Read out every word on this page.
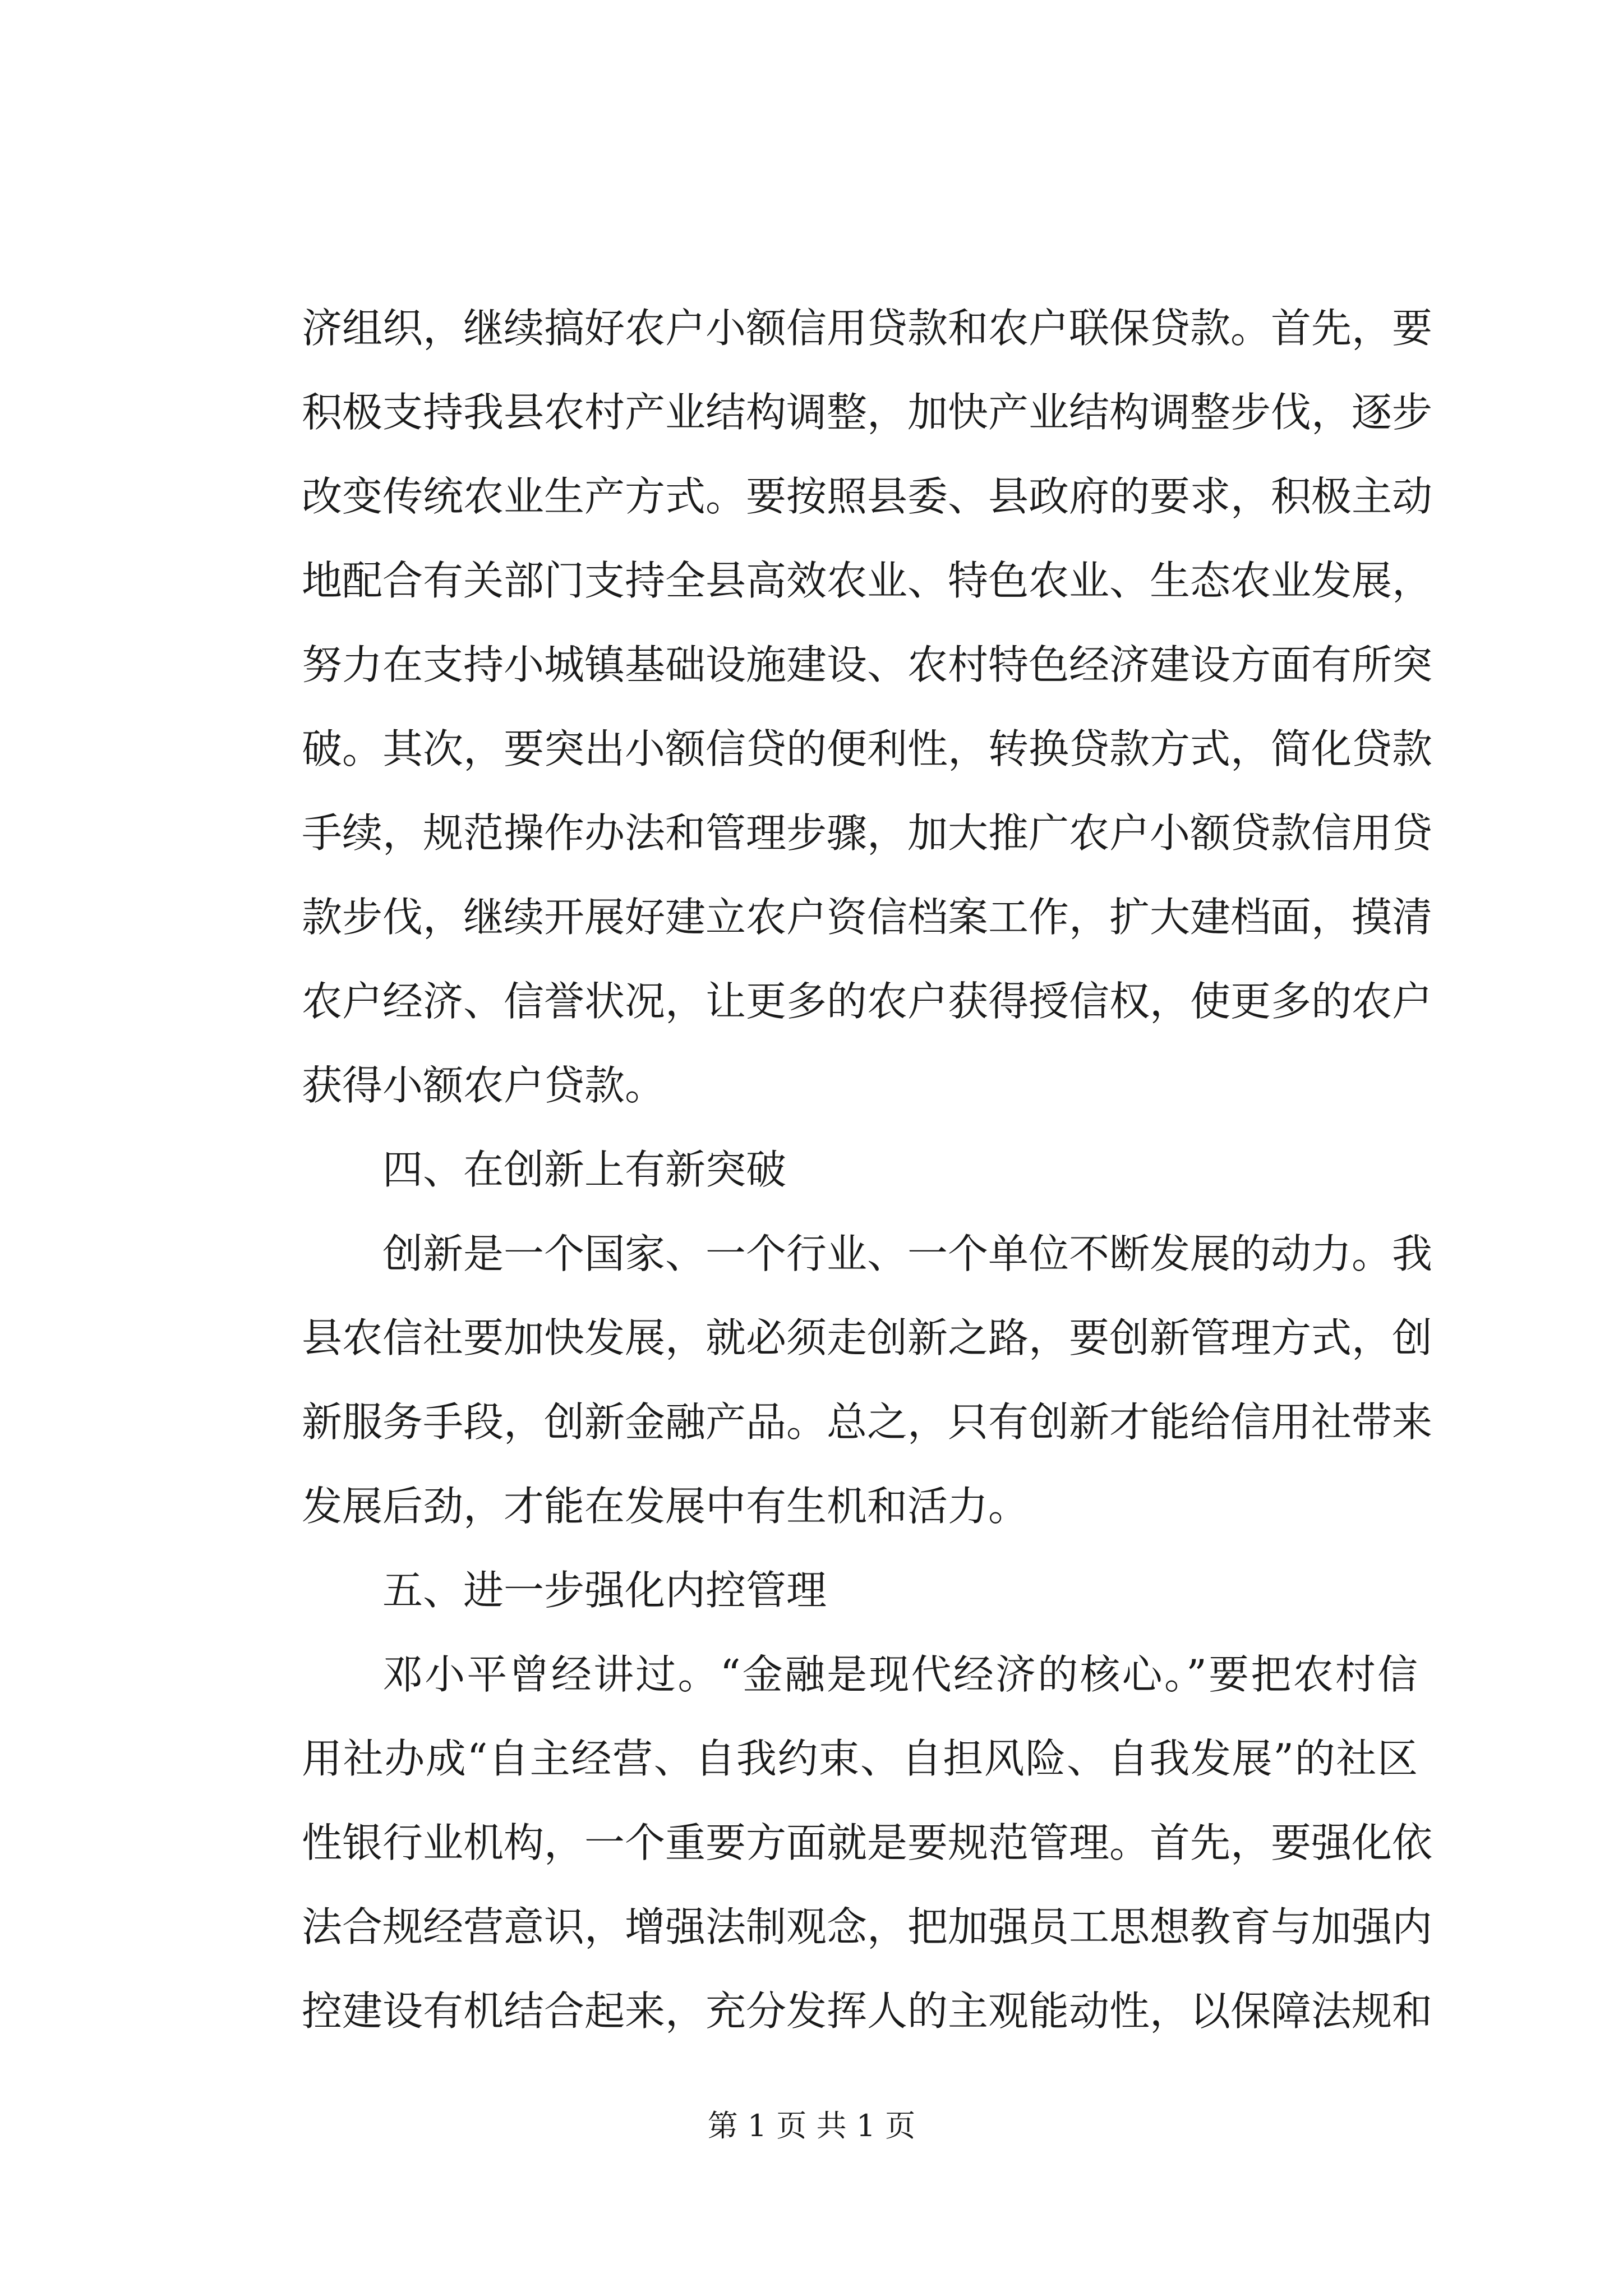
济组织，继续搞好农户小额信用贷款和农户联保贷款。首先，要
积极支持我县农村产业结构调整，加快产业结构调整步伐，逐步
改变传统农业生产方式。要按照县委、县政府的要求，积极主动
地配合有关部门支持全县高效农业、特色农业、生态农业发展，
努力在支持小城镇基础设施建设、农村特色经济建设方面有所突
破。其次，要突出小额信贷的便利性，转换贷款方式，简化贷款
手续，规范操作办法和管理步骤，加大推广农户小额贷款信用贷
款步伐，继续开展好建立农户资信档案工作，扩大建档面，摸清
农户经济、信誉状况，让更多的农户获得授信权，使更多的农户
获得小额农户贷款。
四、在创新上有新突破
创新是一个国家、一个行业、一个单位不断发展的动力。我
县农信社要加快发展，就必须走创新之路，要创新管理方式，创
新服务手段，创新金融产品。总之，只有创新才能给信用社带来
发展后劲，才能在发展中有生机和活力。
五、进一步强化内控管理
邓小平曾经讲过。“金融是现代经济的核心。”要把农村信
用社办成“自主经营、自我约束、自担风险、自我发展”的社区
性银行业机构，一个重要方面就是要规范管理。首先，要强化依
法合规经营意识，增强法制观念，把加强员工思想教育与加强内
控建设有机结合起来，充分发挥人的主观能动性，以保障法规和
第 1 页 共 1 页
